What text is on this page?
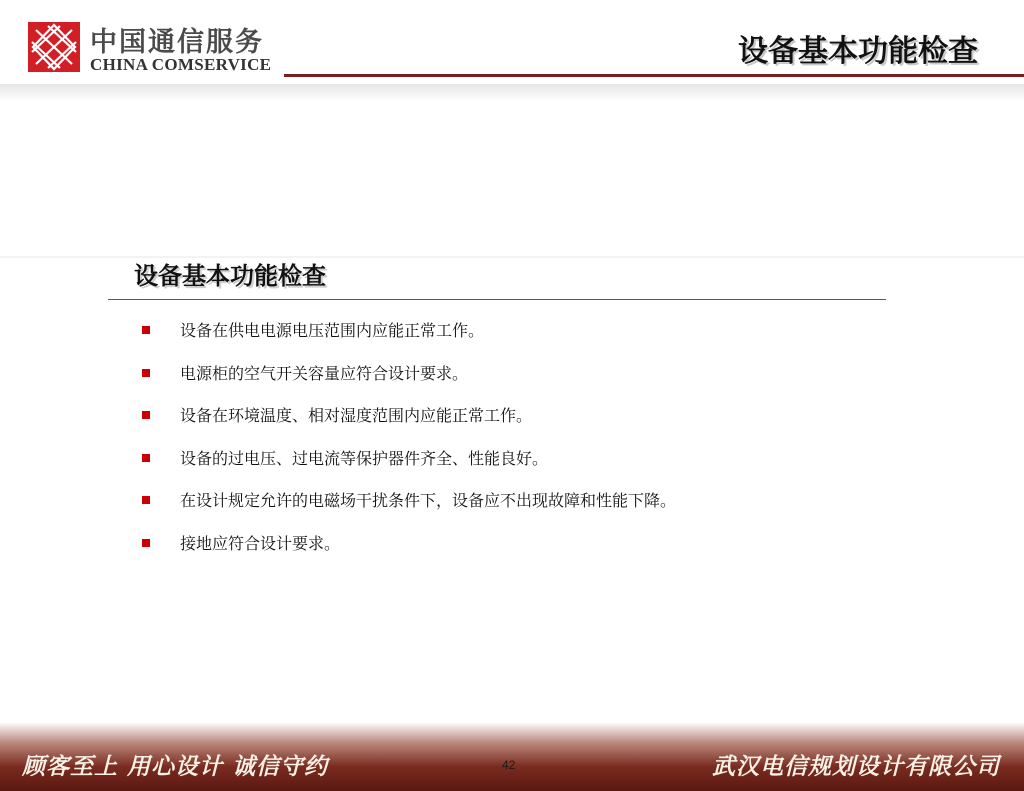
中国通信服务
CHINA COMSERVICE	设备基本功能检查
设备基本功能检查
设备在供电电源电压范围内应能正常工作。
电源柜的空气开关容量应符合设计要求。
设备在环境温度、相对湿度范围内应能正常工作。
设备的过电压、过电流等保护器件齐全、性能良好。
在设计规定允许的电磁场干扰条件下，设备应不出现故障和性能下降。
接地应符合设计要求。
顾客至上 用心设计 诚信守约	42	武汉电信规划设计有限公司
